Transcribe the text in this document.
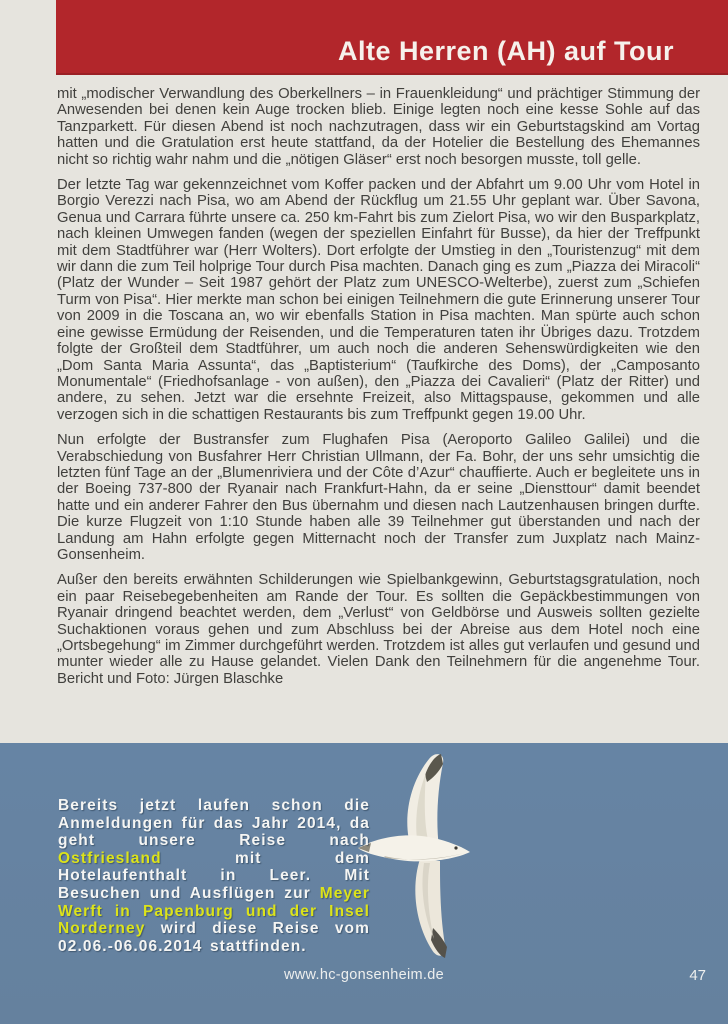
Alte Herren (AH) auf Tour

mit „modischer Verwandlung des Oberkellners – in Frauenkleidung“ und prächtiger Stimmung der Anwesenden bei denen kein Auge trocken blieb. Einige legten noch eine kesse Sohle auf das Tanzparkett. Für diesen Abend ist noch nachzutragen, dass wir ein Geburtstagskind am Vortag hatten und die Gratulation erst heute stattfand, da der Hotelier die Bestellung des Ehemannes nicht so richtig wahr nahm und die „nötigen Gläser“ erst noch besorgen musste, toll gelle.

Der letzte Tag war gekennzeichnet vom Koffer packen und der Abfahrt um 9.00 Uhr vom Hotel in Borgio Verezzi nach Pisa, wo am Abend der Rückflug um 21.55 Uhr geplant war. Über Savona, Genua und Carrara führte unsere ca. 250 km-Fahrt bis zum Zielort Pisa, wo wir den Busparkplatz, nach kleinen Umwegen fanden (wegen der speziellen Einfahrt für Busse), da hier der Treffpunkt mit dem Stadtführer war (Herr Wolters). Dort erfolgte der Umstieg in den „Touristenzug“ mit dem wir dann die zum Teil holprige Tour durch Pisa machten. Danach ging es zum „Piazza dei Miracoli“ (Platz der Wunder – Seit 1987 gehört der Platz zum UNESCO-Welterbe), zuerst zum „Schiefen Turm von Pisa“. Hier merkte man schon bei einigen Teilnehmern die gute Erinnerung unserer Tour von 2009 in die Toscana an, wo wir ebenfalls Station in Pisa machten. Man spürte auch schon eine gewisse Ermüdung der Reisenden, und die Temperaturen taten ihr Übriges dazu. Trotzdem folgte der Großteil dem Stadtführer, um auch noch die anderen Sehenswürdigkeiten wie den „Dom Santa Maria Assunta“, das „Baptisterium“ (Taufkirche des Doms), der „Camposanto Monumentale“ (Friedhofsanlage - von außen), den „Piazza dei Cavalieri“ (Platz der Ritter) und andere, zu sehen. Jetzt war die ersehnte Freizeit, also Mittagspause, gekommen und alle verzogen sich in die schattigen Restaurants bis zum Treffpunkt gegen 19.00 Uhr.

Nun erfolgte der Bustransfer zum Flughafen Pisa (Aeroporto Galileo Galilei) und die Verabschiedung von Busfahrer Herr Christian Ullmann, der Fa. Bohr, der uns sehr umsichtig die letzten fünf Tage an der „Blumenriviera und der Côte d’Azur“ chauffierte. Auch er begleitete uns in der Boeing 737-800 der Ryanair nach Frankfurt-Hahn, da er seine „Diensttour“ damit beendet hatte und ein anderer Fahrer den Bus übernahm und diesen nach Lautzenhausen bringen durfte. Die kurze Flugzeit von 1:10 Stunde haben alle 39 Teilnehmer gut überstanden und nach der Landung am Hahn erfolgte gegen Mitternacht noch der Transfer zum Juxplatz nach Mainz-Gonsenheim.

Außer den bereits erwähnten Schilderungen wie Spielbankgewinn, Geburtstagsgratulation, noch ein paar Reisebegebenheiten am Rande der Tour. Es sollten die Gepäckbestimmungen von Ryanair dringend beachtet werden, dem „Verlust“ von Geldbörse und Ausweis sollten gezielte Suchaktionen voraus gehen und zum Abschluss bei der Abreise aus dem Hotel noch eine „Ortsbegehung“ im Zimmer durchgeführt werden. Trotzdem ist alles gut verlaufen und gesund und munter wieder alle zu Hause gelandet. Vielen Dank den Teilnehmern für die angenehme Tour. Bericht und Foto: Jürgen Blaschke

Bereits jetzt laufen schon die Anmeldungen für das Jahr 2014, da geht unsere Reise nach Ostfriesland mit dem Hotelaufenthalt in Leer. Mit Besuchen und Ausflügen zur Meyer Werft in Papenburg und der Insel Norderney wird diese Reise vom 02.06.-06.06.2014 stattfinden.
www.hc-gonsenheim.de	47
